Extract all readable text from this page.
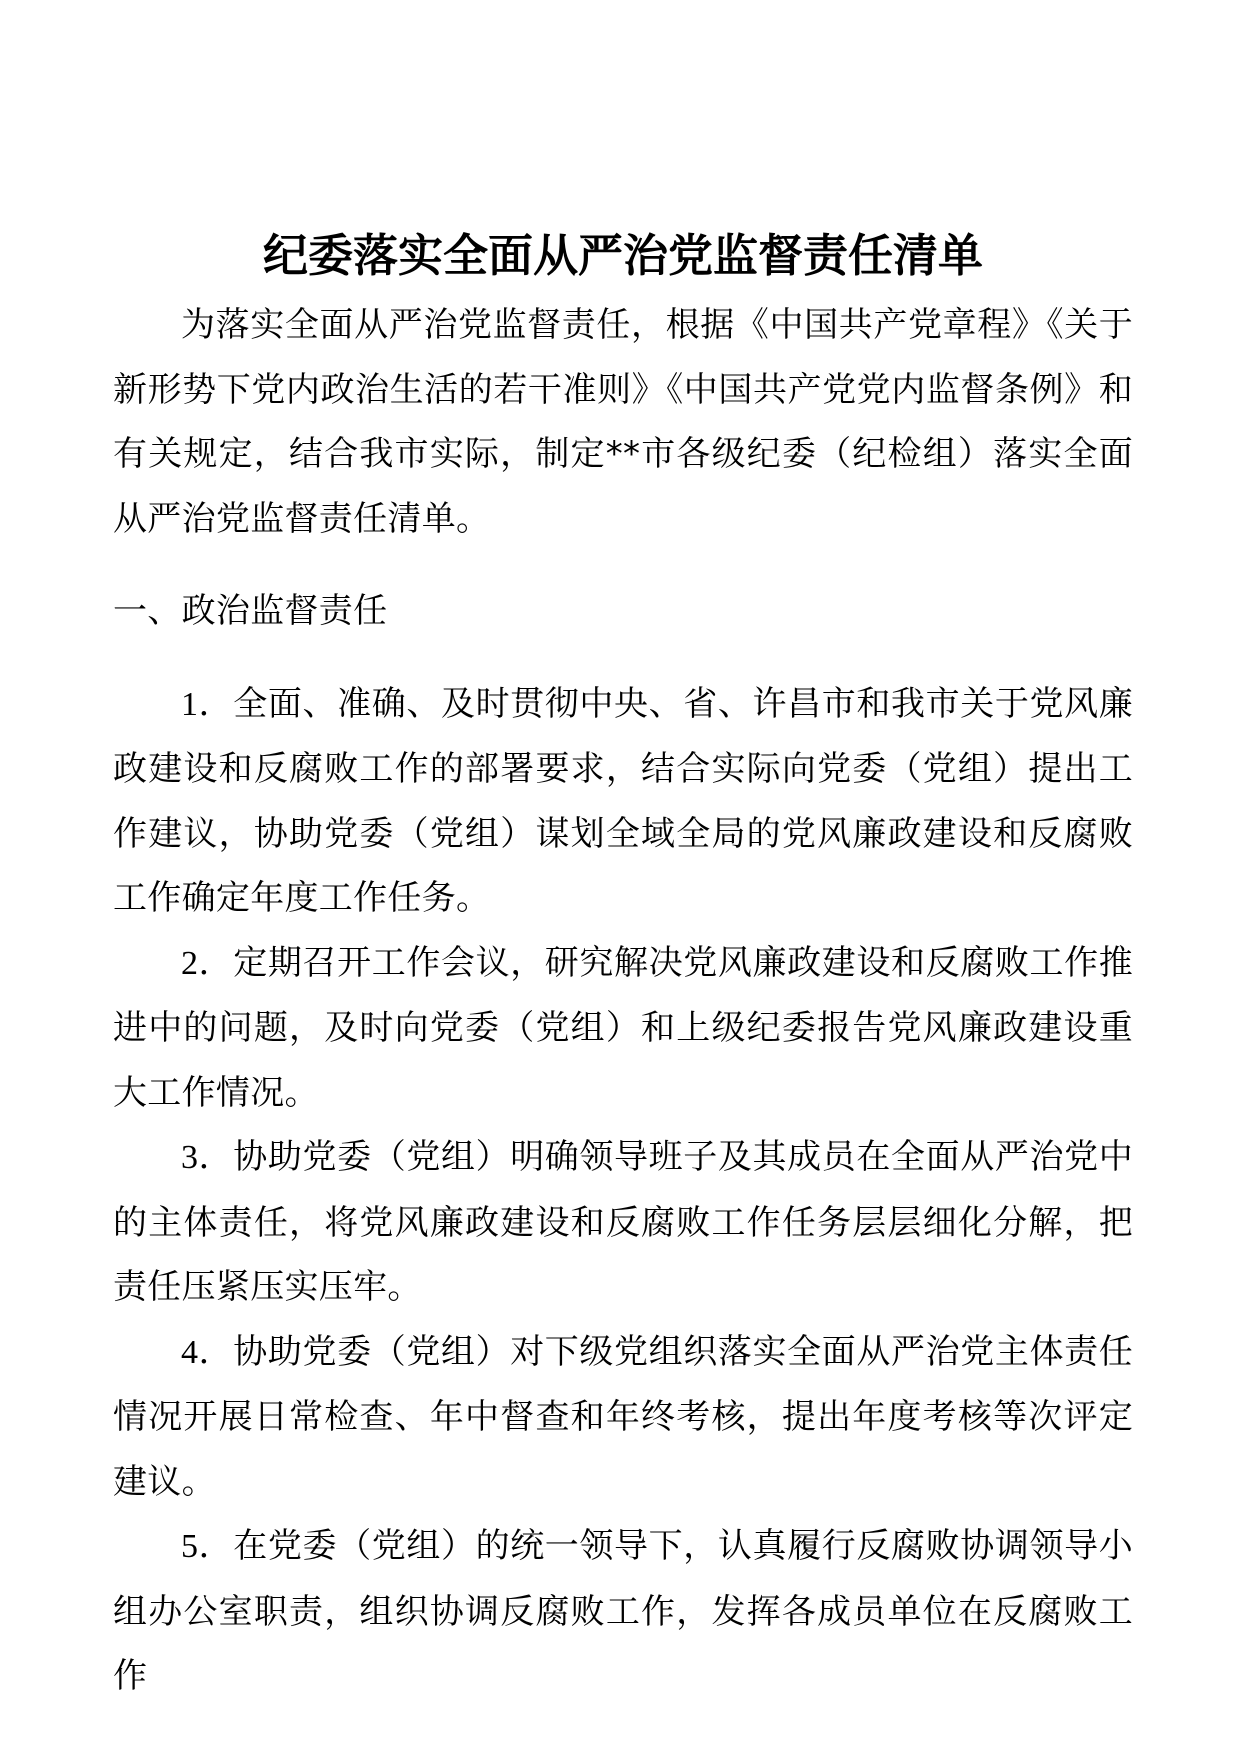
纪委落实全面从严治党监督责任清单

为落实全面从严治党监督责任，根据《中国共产党章程》《关于新形势下党内政治生活的若干准则》《中国共产党党内监督条例》和有关规定，结合我市实际，制定**市各级纪委（纪检组）落实全面从严治党监督责任清单。

一、政治监督责任

1．全面、准确、及时贯彻中央、省、许昌市和我市关于党风廉政建设和反腐败工作的部署要求，结合实际向党委（党组）提出工作建议，协助党委（党组）谋划全域全局的党风廉政建设和反腐败工作确定年度工作任务。

2．定期召开工作会议，研究解决党风廉政建设和反腐败工作推进中的问题，及时向党委（党组）和上级纪委报告党风廉政建设重大工作情况。

3．协助党委（党组）明确领导班子及其成员在全面从严治党中的主体责任，将党风廉政建设和反腐败工作任务层层细化分解，把责任压紧压实压牢。

4．协助党委（党组）对下级党组织落实全面从严治党主体责任情况开展日常检查、年中督查和年终考核，提出年度考核等次评定建议。

5．在党委（党组）的统一领导下，认真履行反腐败协调领导小组办公室职责，组织协调反腐败工作，发挥各成员单位在反腐败工作
